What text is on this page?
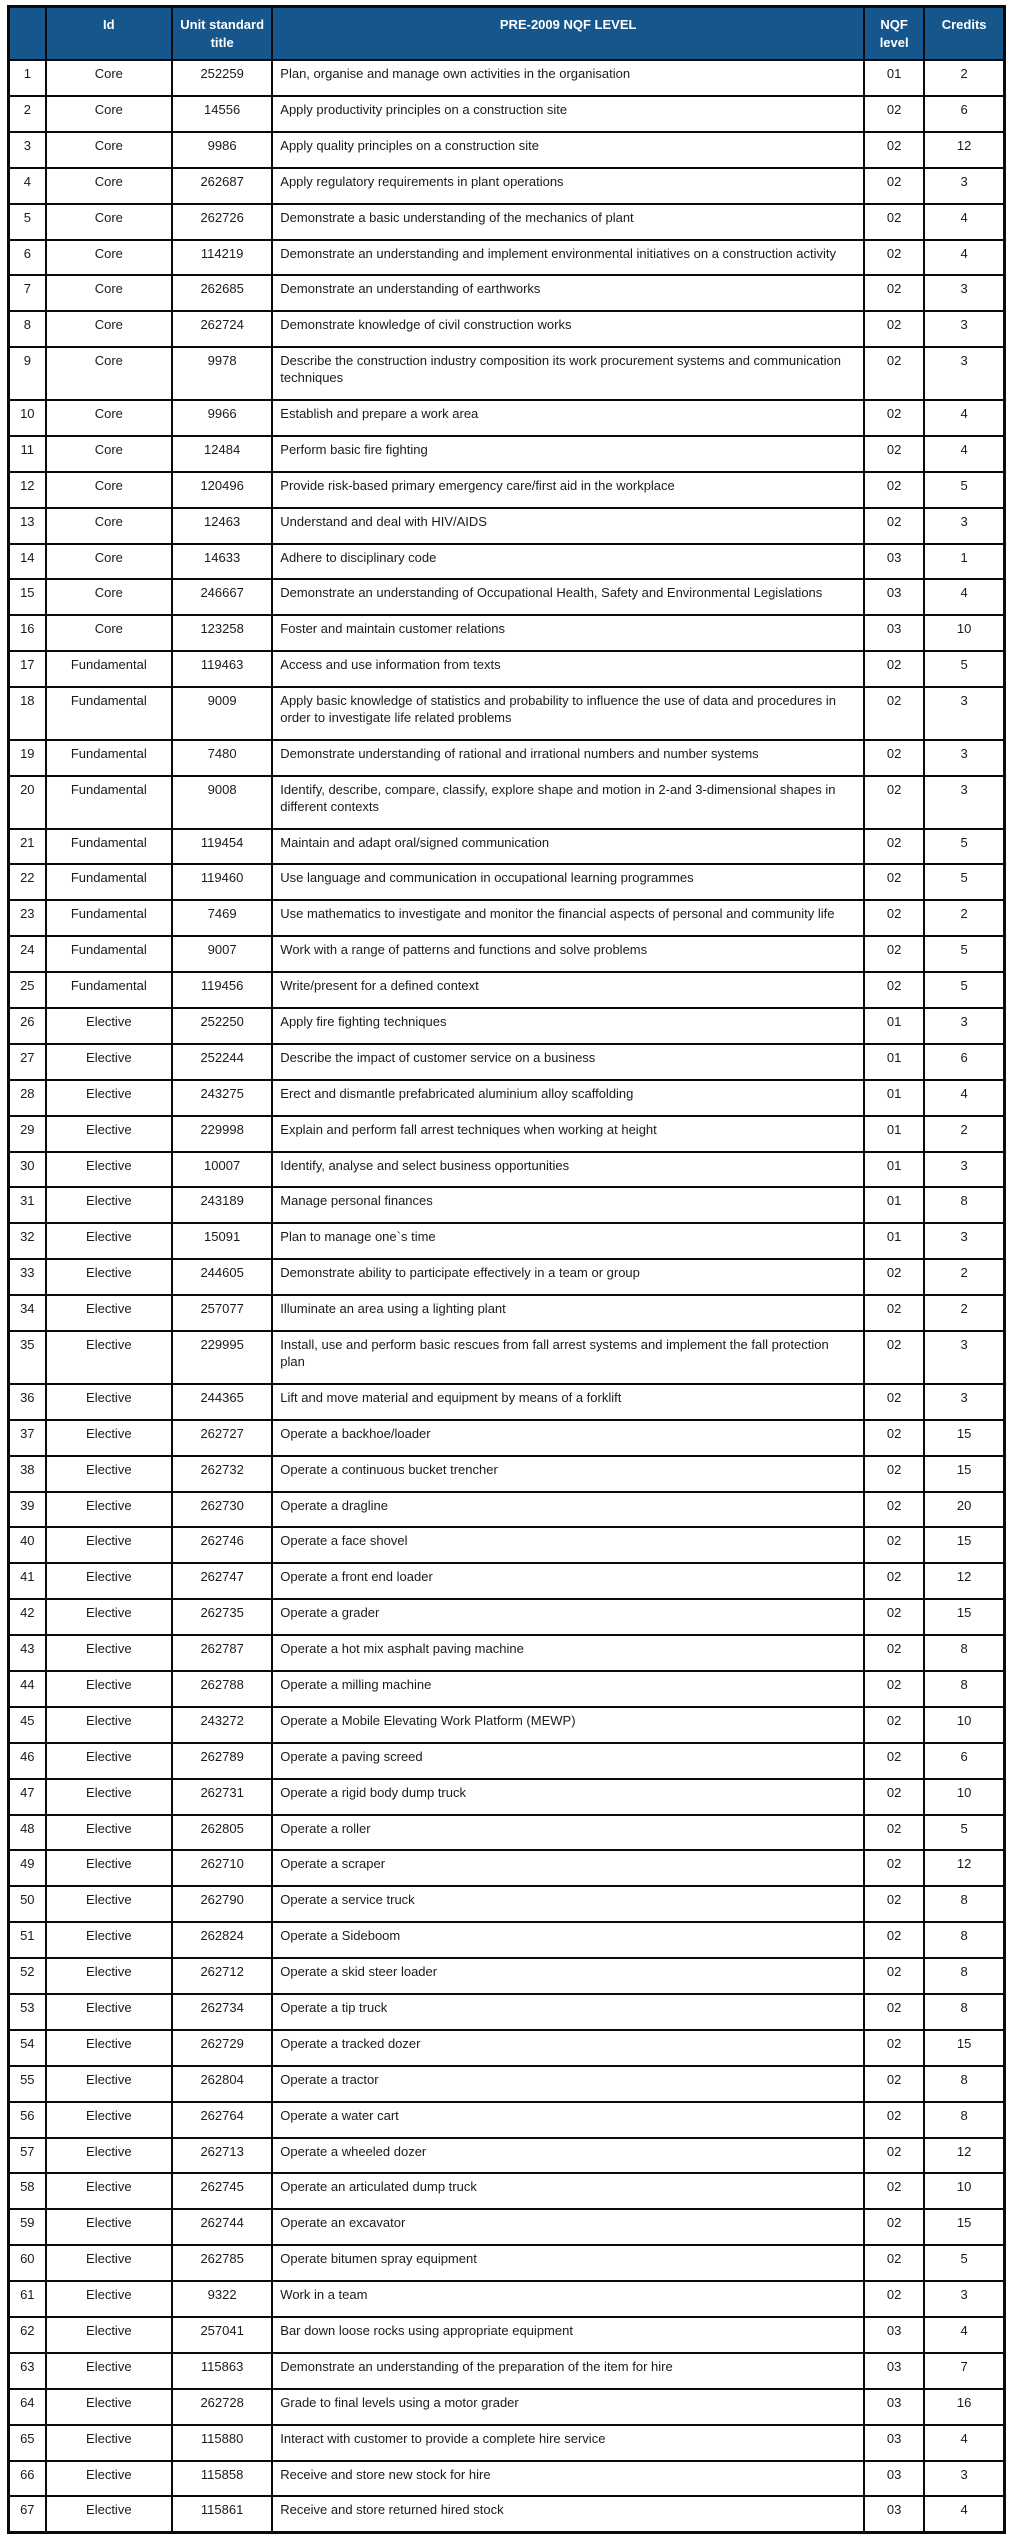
	Id	Unit standard title	PRE-2009 NQF LEVEL	NQF level	Credits
1	Core	252259	Plan, organise and manage own activities in the organisation	01	2
2	Core	14556	Apply productivity principles on a construction site	02	6
3	Core	9986	Apply quality principles on a construction site	02	12
4	Core	262687	Apply regulatory requirements in plant operations	02	3
5	Core	262726	Demonstrate a basic understanding of the mechanics of plant	02	4
6	Core	114219	Demonstrate an understanding and implement environmental initiatives on a construction activity	02	4
7	Core	262685	Demonstrate an understanding of earthworks	02	3
8	Core	262724	Demonstrate knowledge of civil construction works	02	3
9	Core	9978	Describe the construction industry composition its work procurement systems and communication techniques	02	3
10	Core	9966	Establish and prepare a work area	02	4
11	Core	12484	Perform basic fire fighting	02	4
12	Core	120496	Provide risk-based primary emergency care/first aid in the workplace	02	5
13	Core	12463	Understand and deal with HIV/AIDS	02	3
14	Core	14633	Adhere to disciplinary code	03	1
15	Core	246667	Demonstrate an understanding of Occupational Health, Safety and Environmental Legislations	03	4
16	Core	123258	Foster and maintain customer relations	03	10
17	Fundamental	119463	Access and use information from texts	02	5
18	Fundamental	9009	Apply basic knowledge of statistics and probability to influence the use of data and procedures in order to investigate life related problems	02	3
19	Fundamental	7480	Demonstrate understanding of rational and irrational numbers and number systems	02	3
20	Fundamental	9008	Identify, describe, compare, classify, explore shape and motion in 2-and 3-dimensional shapes in different contexts	02	3
21	Fundamental	119454	Maintain and adapt oral/signed communication	02	5
22	Fundamental	119460	Use language and communication in occupational learning programmes	02	5
23	Fundamental	7469	Use mathematics to investigate and monitor the financial aspects of personal and community life	02	2
24	Fundamental	9007	Work with a range of patterns and functions and solve problems	02	5
25	Fundamental	119456	Write/present for a defined context	02	5
26	Elective	252250	Apply fire fighting techniques	01	3
27	Elective	252244	Describe the impact of customer service on a business	01	6
28	Elective	243275	Erect and dismantle prefabricated aluminium alloy scaffolding	01	4
29	Elective	229998	Explain and perform fall arrest techniques when working at height	01	2
30	Elective	10007	Identify, analyse and select business opportunities	01	3
31	Elective	243189	Manage personal finances	01	8
32	Elective	15091	Plan to manage one`s time	01	3
33	Elective	244605	Demonstrate ability to participate effectively in a team or group	02	2
34	Elective	257077	Illuminate an area using a lighting plant	02	2
35	Elective	229995	Install, use and perform basic rescues from fall arrest systems and implement the fall protection plan	02	3
36	Elective	244365	Lift and move material and equipment by means of a forklift	02	3
37	Elective	262727	Operate a backhoe/loader	02	15
38	Elective	262732	Operate a continuous bucket trencher	02	15
39	Elective	262730	Operate a dragline	02	20
40	Elective	262746	Operate a face shovel	02	15
41	Elective	262747	Operate a front end loader	02	12
42	Elective	262735	Operate a grader	02	15
43	Elective	262787	Operate a hot mix asphalt paving machine	02	8
44	Elective	262788	Operate a milling machine	02	8
45	Elective	243272	Operate a Mobile Elevating Work Platform (MEWP)	02	10
46	Elective	262789	Operate a paving screed	02	6
47	Elective	262731	Operate a rigid body dump truck	02	10
48	Elective	262805	Operate a roller	02	5
49	Elective	262710	Operate a scraper	02	12
50	Elective	262790	Operate a service truck	02	8
51	Elective	262824	Operate a Sideboom	02	8
52	Elective	262712	Operate a skid steer loader	02	8
53	Elective	262734	Operate a tip truck	02	8
54	Elective	262729	Operate a tracked dozer	02	15
55	Elective	262804	Operate a tractor	02	8
56	Elective	262764	Operate a water cart	02	8
57	Elective	262713	Operate a wheeled dozer	02	12
58	Elective	262745	Operate an articulated dump truck	02	10
59	Elective	262744	Operate an excavator	02	15
60	Elective	262785	Operate bitumen spray equipment	02	5
61	Elective	9322	Work in a team	02	3
62	Elective	257041	Bar down loose rocks using appropriate equipment	03	4
63	Elective	115863	Demonstrate an understanding of the preparation of the item for hire	03	7
64	Elective	262728	Grade to final levels using a motor grader	03	16
65	Elective	115880	Interact with customer to provide a complete hire service	03	4
66	Elective	115858	Receive and store new stock for hire	03	3
67	Elective	115861	Receive and store returned hired stock	03	4
